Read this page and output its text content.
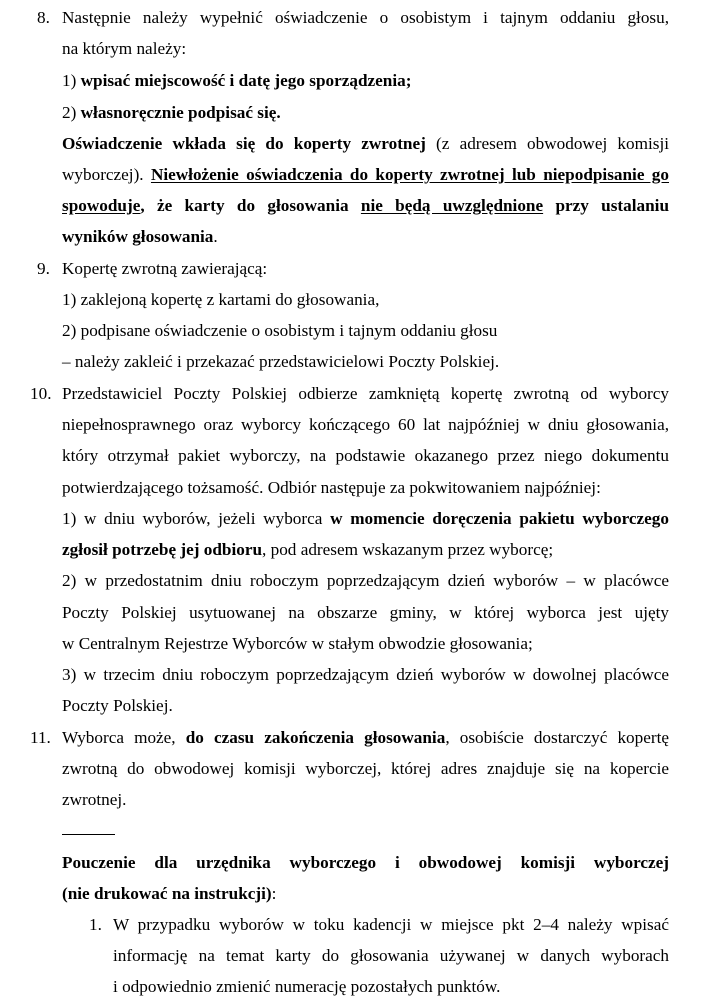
8. Następnie należy wypełnić oświadczenie o osobistym i tajnym oddaniu głosu,
na którym należy:
1) wpisać miejscowość i datę jego sporządzenia;
2) własnoręcznie podpisać się.
Oświadczenie wkłada się do koperty zwrotnej (z adresem obwodowej komisji
wyborczej). Niewłożenie oświadczenia do koperty zwrotnej lub niepodpisanie go
spowoduje, że karty do głosowania nie będą uwzględnione przy ustalaniu
wyników głosowania.
9. Kopertę zwrotną zawierającą:
1) zaklejoną kopertę z kartami do głosowania,
2) podpisane oświadczenie o osobistym i tajnym oddaniu głosu
– należy zakleić i przekazać przedstawicielowi Poczty Polskiej.
10. Przedstawiciel Poczty Polskiej odbierze zamkniętą kopertę zwrotną od wyborcy
niepełnosprawnego oraz wyborcy kończącego 60 lat najpóźniej w dniu głosowania,
który otrzymał pakiet wyborczy, na podstawie okazanego przez niego dokumentu
potwierdzającego tożsamość. Odbiór następuje za pokwitowaniem najpóźniej:
1) w dniu wyborów, jeżeli wyborca w momencie doręczenia pakietu wyborczego
zgłosił potrzebę jej odbioru, pod adresem wskazanym przez wyborcę;
2) w przedostatnim dniu roboczym poprzedzającym dzień wyborów – w placówce
Poczty Polskiej usytuowanej na obszarze gminy, w której wyborca jest ujęty
w Centralnym Rejestrze Wyborców w stałym obwodzie głosowania;
3) w trzecim dniu roboczym poprzedzającym dzień wyborów w dowolnej placówce
Poczty Polskiej.
11. Wyborca może, do czasu zakończenia głosowania, osobiście dostarczyć kopertę
zwrotną do obwodowej komisji wyborczej, której adres znajduje się na kopercie
zwrotnej.
Pouczenie dla urzędnika wyborczego i obwodowej komisji wyborczej
(nie drukować na instrukcji):
1. W przypadku wyborów w toku kadencji w miejsce pkt 2–4 należy wpisać
informację na temat karty do głosowania używanej w danych wyborach
i odpowiednio zmienić numerację pozostałych punktów.
